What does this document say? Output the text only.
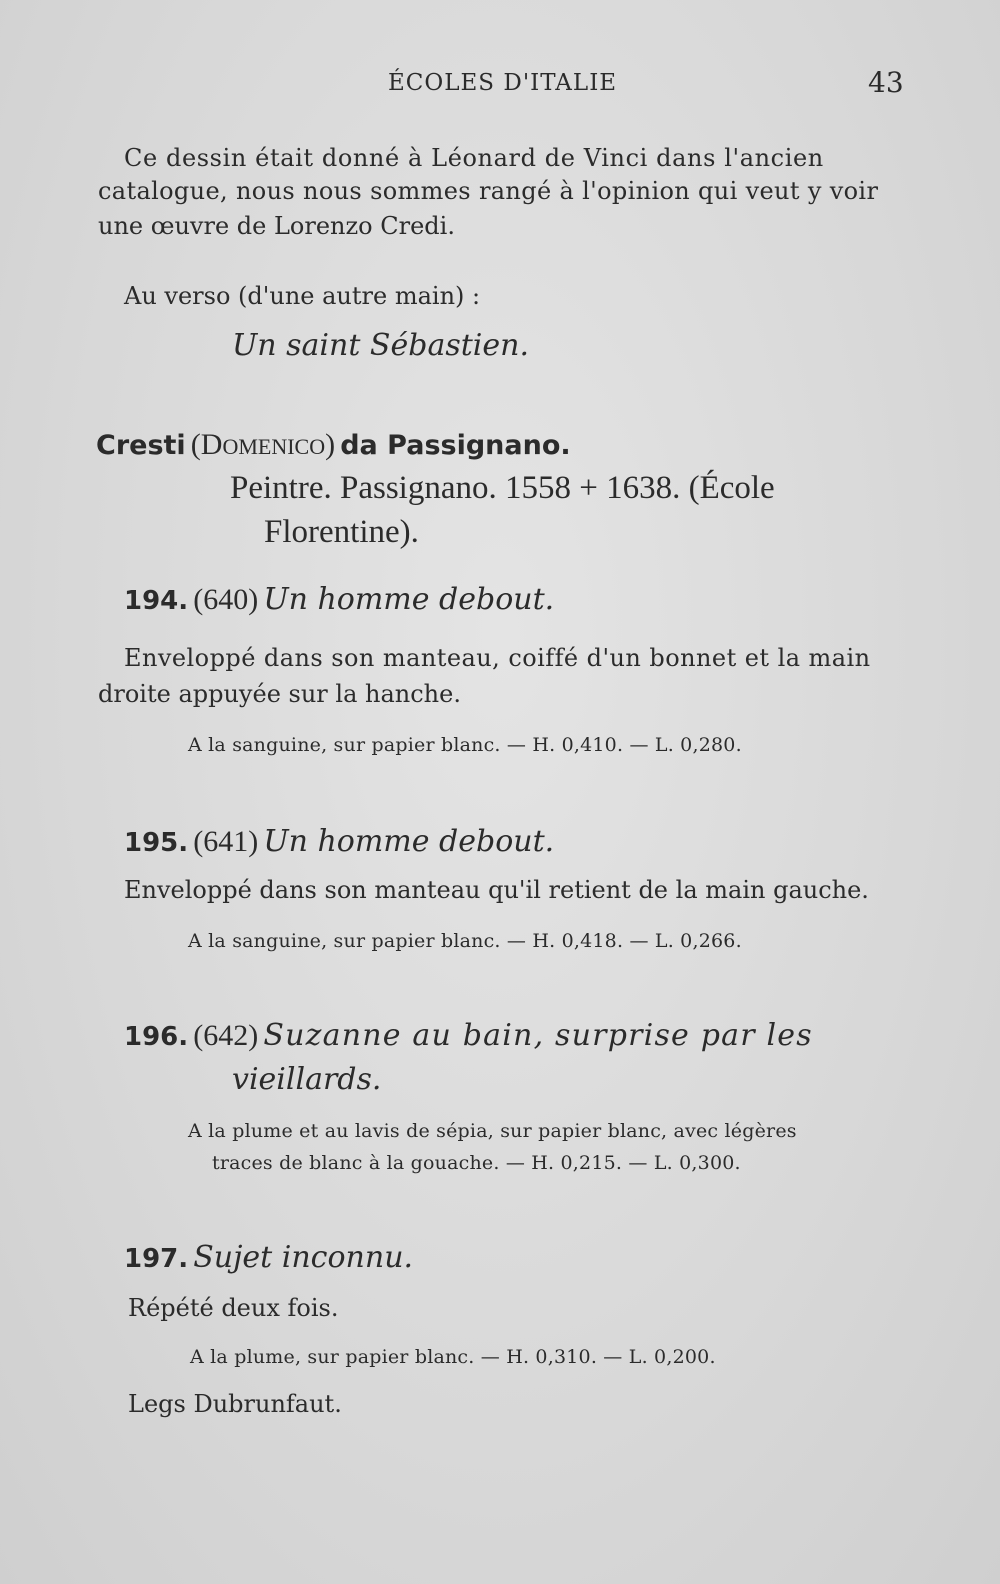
ÉCOLES D'ITALIE	43
Ce dessin était donné à Léonard de Vinci dans l'ancien
catalogue, nous nous sommes rangé à l'opinion qui veut y voir
une œuvre de Lorenzo Credi.
Au verso (d'une autre main) :
Un saint Sébastien.
Cresti (DOMENICO) da Passignano.
Peintre. Passignano. 1558 + 1638. (École
Florentine).
194. (640) Un homme debout.
Enveloppé dans son manteau, coiffé d'un bonnet et la main
droite appuyée sur la hanche.
A la sanguine, sur papier blanc. — H. 0,410. — L. 0,280.
195. (641) Un homme debout.
Enveloppé dans son manteau qu'il retient de la main gauche.
A la sanguine, sur papier blanc. — H. 0,418. — L. 0,266.
196. (642) Suzanne au bain, surprise par les
vieillards.
A la plume et au lavis de sépia, sur papier blanc, avec légères
traces de blanc à la gouache. — H. 0,215. — L. 0,300.
197. Sujet inconnu.
Répété deux fois.
A la plume, sur papier blanc. — H. 0,310. — L. 0,200.
Legs Dubrunfaut.
